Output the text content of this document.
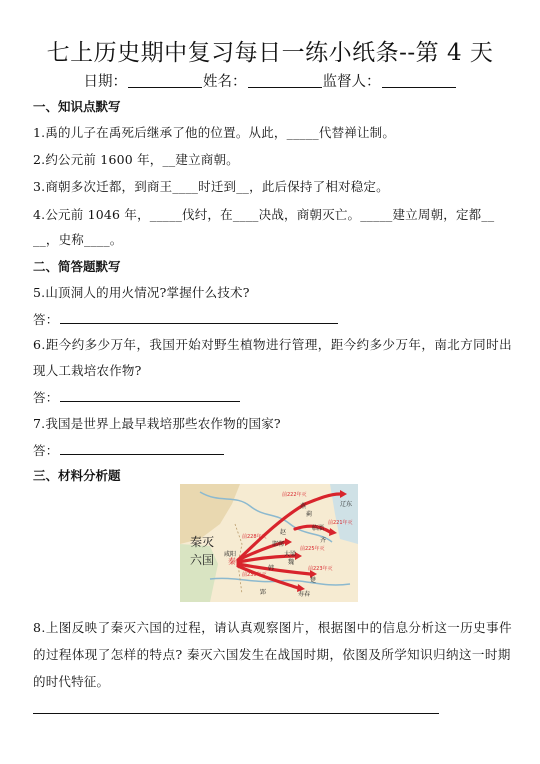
七上历史期中复习每日一练小纸条--第 4 天
日期：	姓名：	监督人：
一、知识点默写
1.禹的儿子在禹死后继承了他的位置。从此，_____代替禅让制。
2.约公元前 1600 年，__建立商朝。
3.商朝多次迁都，到商王____时迁到__，此后保持了相对稳定。
4.公元前 1046 年，_____伐纣，在____决战，商朝灭亡。_____建立周朝，定都__
__，史称____。
二、简答题默写
5.山顶洞人的用火情况?掌握什么技术?
答：
6.距今约多少万年，我国开始对野生植物进行管理，距今约多少万年，南北方同时出
现人工栽培农作物?
答：
7.我国是世界上最早栽培那些农作物的国家?
答：
三、材料分析题
秦灭
六国
燕	辽东
蓟
赵
邯郸
齐
临淄
魏
大梁
韩
楚
寿春
郢
秦
咸阳
前222年灭
前228年灭
前230年灭
前225年灭
前223年灭
前221年灭
8.上图反映了秦灭六国的过程，请认真观察图片，根据图中的信息分析这一历史事件
的过程体现了怎样的特点? 秦灭六国发生在战国时期，依图及所学知识归纳这一时期
的时代特征。
